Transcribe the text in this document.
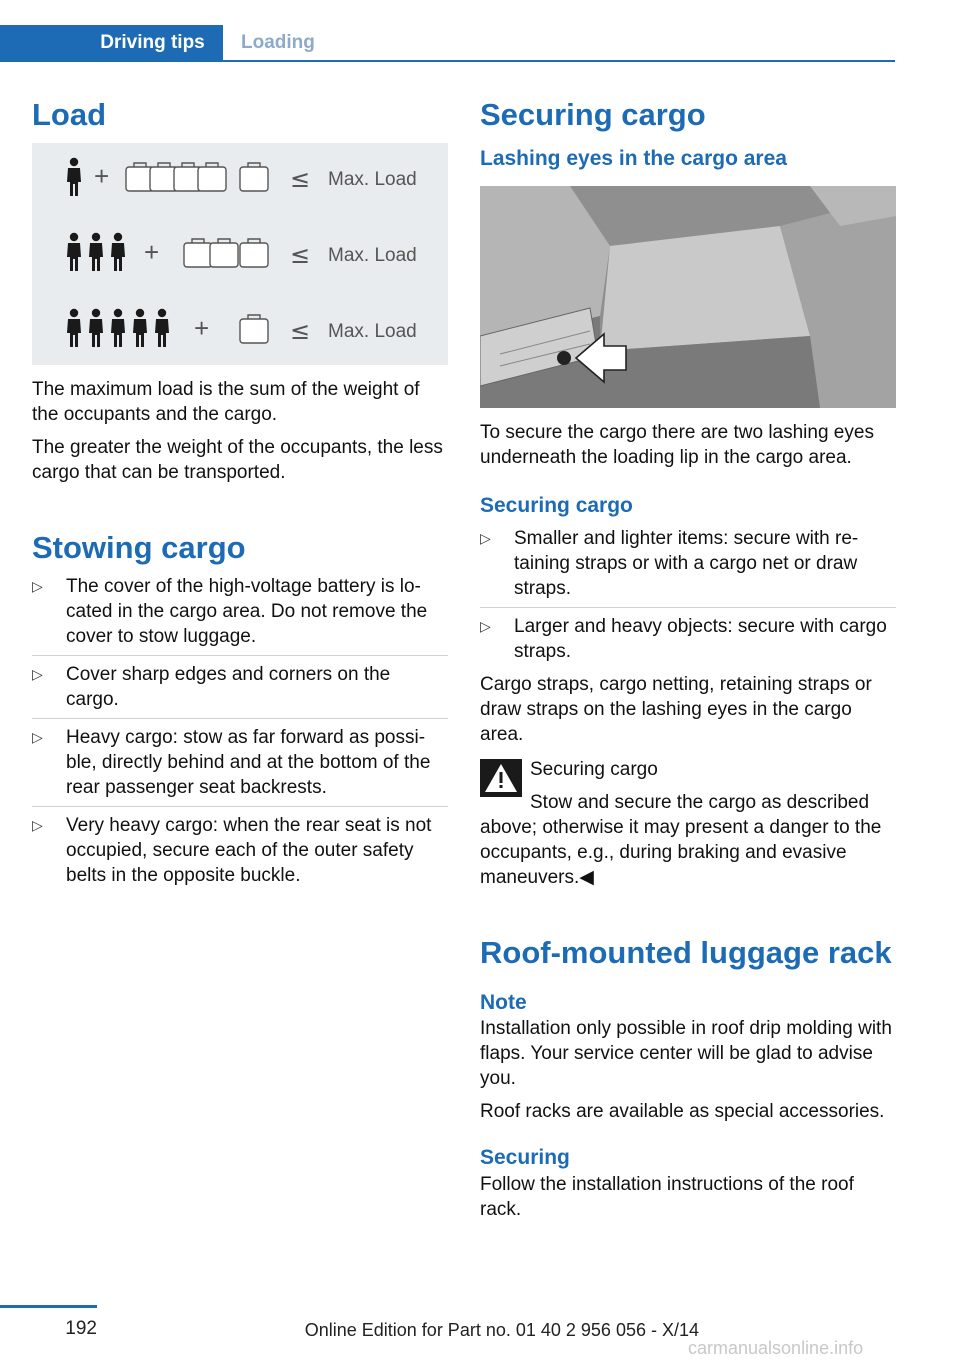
Driving tips	Loading
Load
+	≤ Max. Load
+	≤ Max. Load
+	≤ Max. Load

The maximum load is the sum of the weight of the occupants and the cargo.

The greater the weight of the occupants, the less cargo that can be transported.

Stowing cargo
▷ The cover of the high-voltage battery is lo-cated in the cargo area. Do not remove the cover to stow luggage.
▷ Cover sharp edges and corners on the cargo.
▷ Heavy cargo: stow as far forward as possi-ble, directly behind and at the bottom of the rear passenger seat backrests.
▷ Very heavy cargo: when the rear seat is not occupied, secure each of the outer safety belts in the opposite buckle.
Securing cargo
Lashing eyes in the cargo area

To secure the cargo there are two lashing eyes underneath the loading lip in the cargo area.

Securing cargo
▷ Smaller and lighter items: secure with re-taining straps or with a cargo net or draw straps.
▷ Larger and heavy objects: secure with cargo straps.

Cargo straps, cargo netting, retaining straps or draw straps on the lashing eyes in the cargo area.

Securing cargo

Stow and secure the cargo as described above; otherwise it may present a danger to the occupants, e.g., during braking and evasive maneuvers.◀

Roof-mounted luggage rack
Note

Installation only possible in roof drip molding with flaps. Your service center will be glad to advise you.

Roof racks are available as special accessories.

Securing

Follow the installation instructions of the roof rack.

192	Online Edition for Part no. 01 40 2 956 056 - X/14
carmanualsonline.info
